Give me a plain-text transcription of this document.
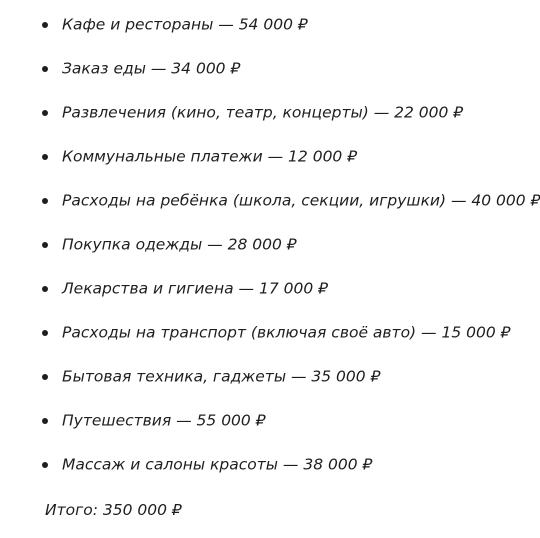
Кафе и рестораны — 54 000 ₽
Заказ еды — 34 000 ₽
Развлечения (кино, театр, концерты) — 22 000 ₽
Коммунальные платежи — 12 000 ₽
Расходы на ребёнка (школа, секции, игрушки) — 40 000 ₽
Покупка одежды — 28 000 ₽
Лекарства и гигиена — 17 000 ₽
Расходы на транспорт (включая своё авто) — 15 000 ₽
Бытовая техника, гаджеты — 35 000 ₽
Путешествия — 55 000 ₽
Массаж и салоны красоты — 38 000 ₽
Итого: 350 000 ₽
